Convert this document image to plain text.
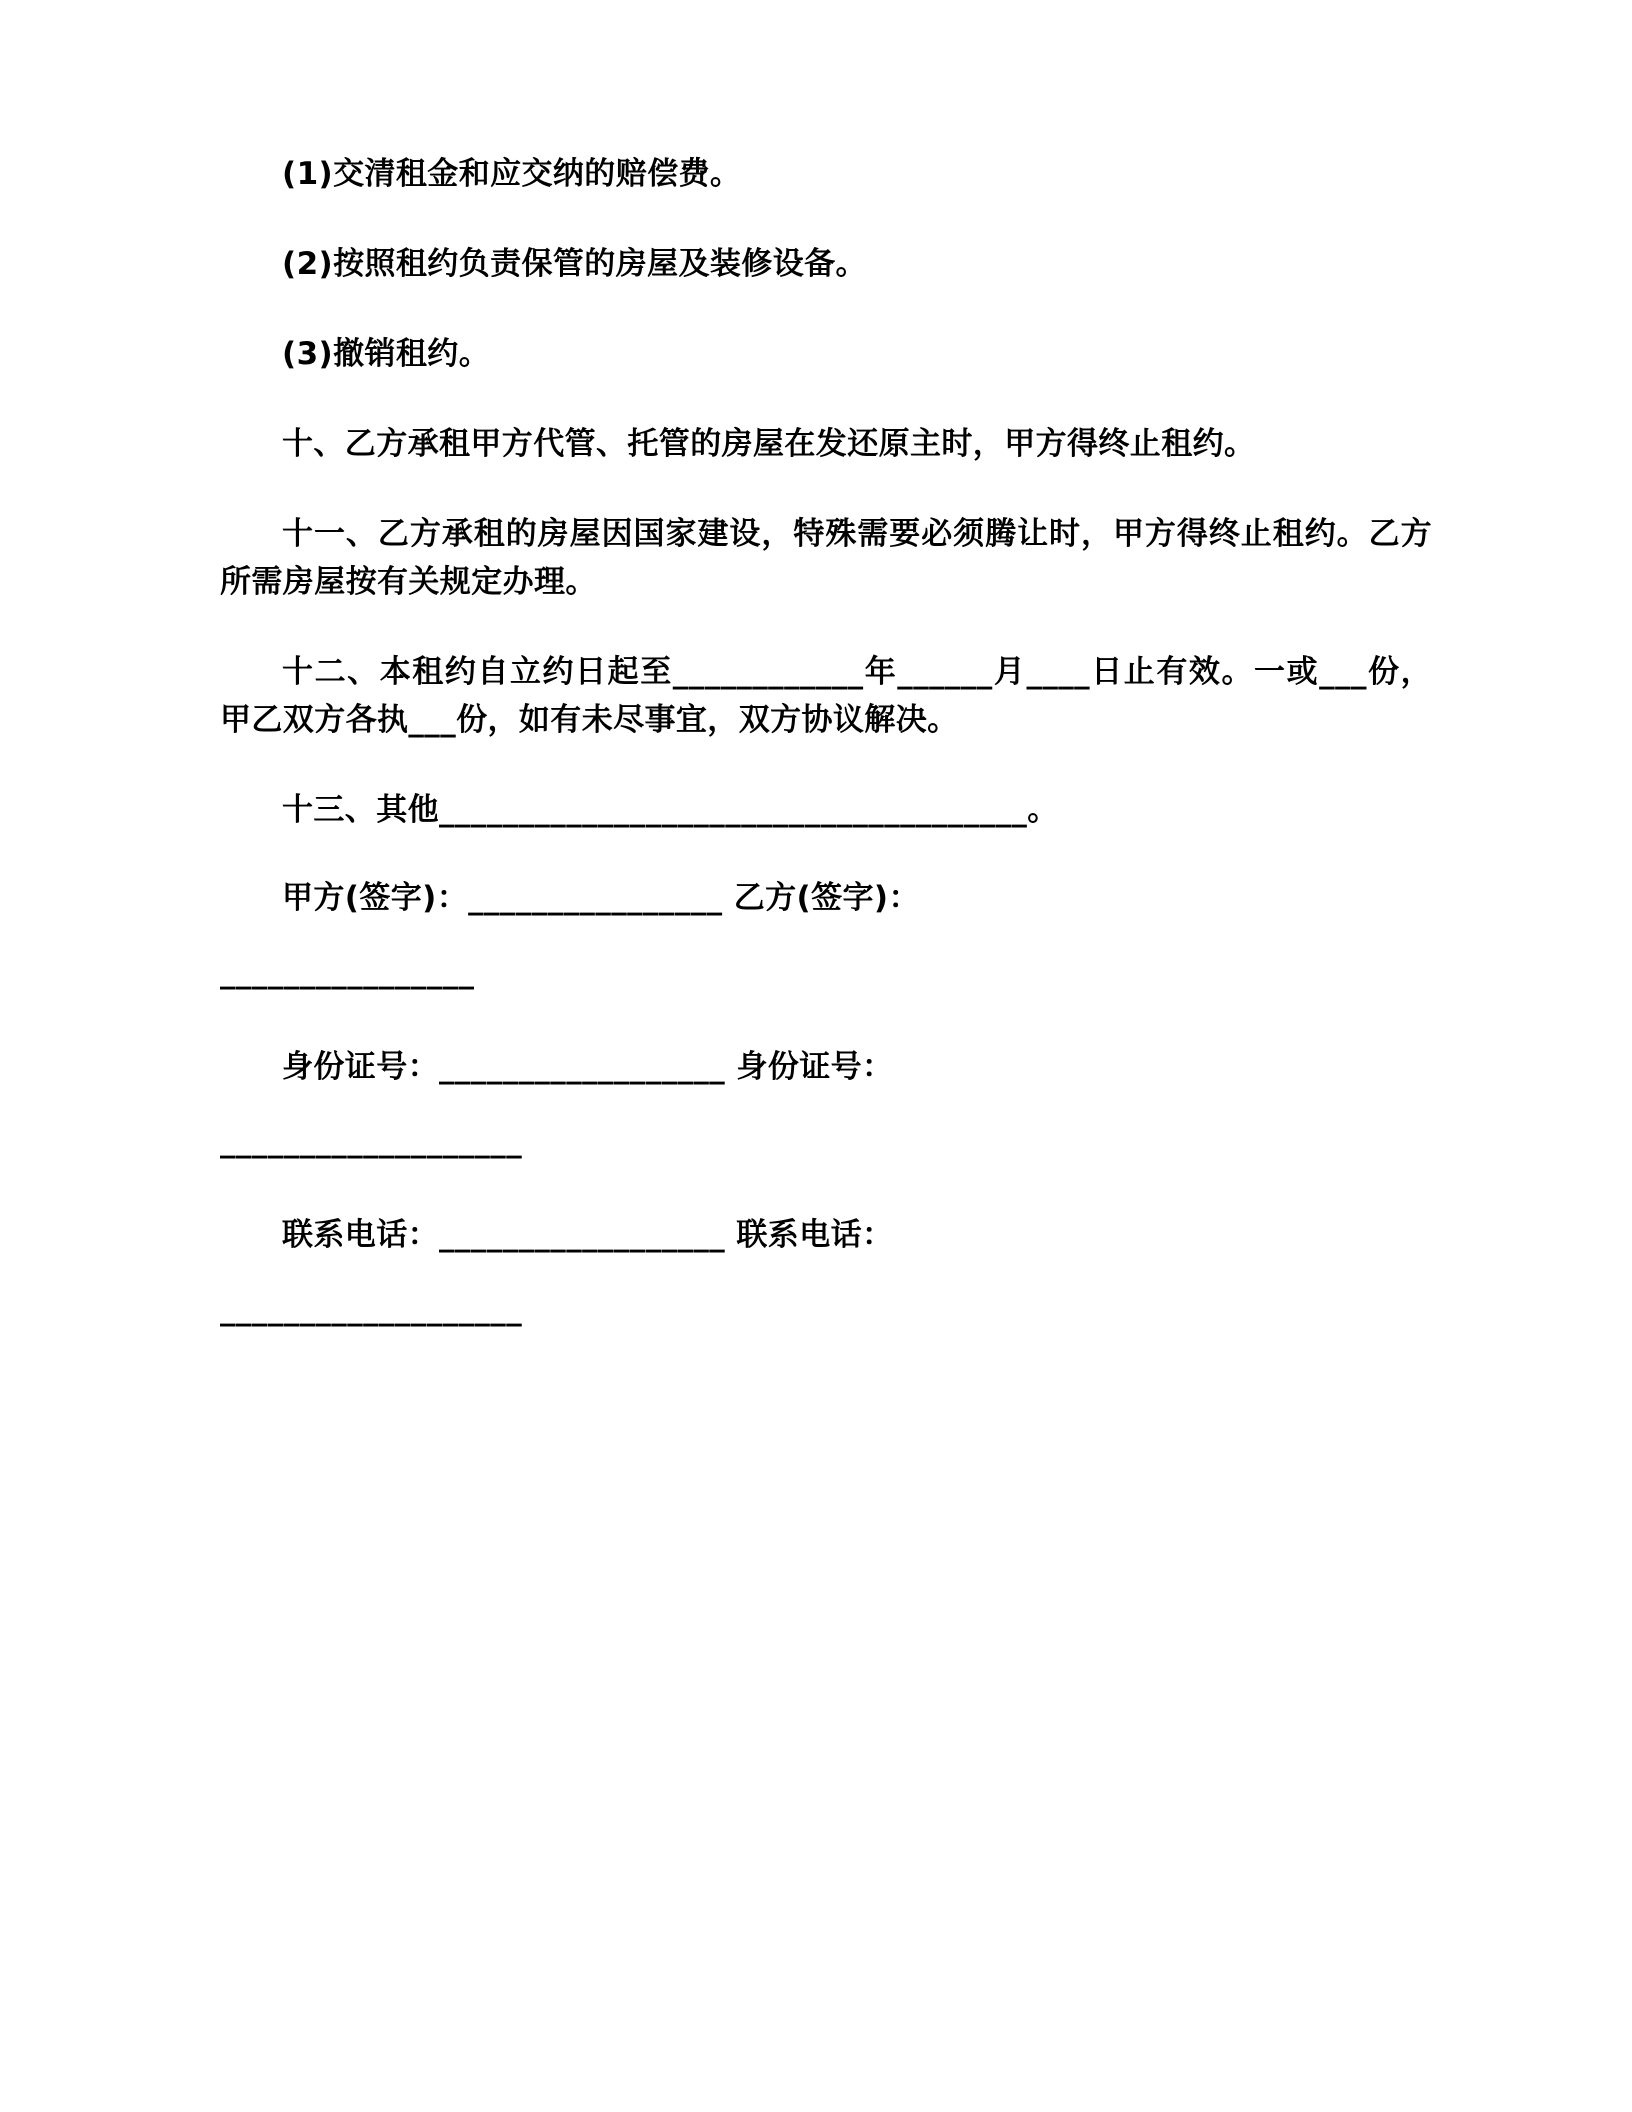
(1)交清租金和应交纳的赔偿费。

(2)按照租约负责保管的房屋及装修设备。

(3)撤销租约。

十、乙方承租甲方代管、托管的房屋在发还原主时，甲方得终止租约。

十一、乙方承租的房屋因国家建设，特殊需要必须腾让时，甲方得终止租约。乙方所需房屋按有关规定办理。

十二、本租约自立约日起至____________年______月____日止有效。一或___份，甲乙双方各执___份，如有未尽事宜，双方协议解决。

十三、其他_____________________________________。

甲方(签字)：________________ 乙方(签字)：

________________

身份证号：__________________ 身份证号：

___________________

联系电话：__________________ 联系电话：

___________________
